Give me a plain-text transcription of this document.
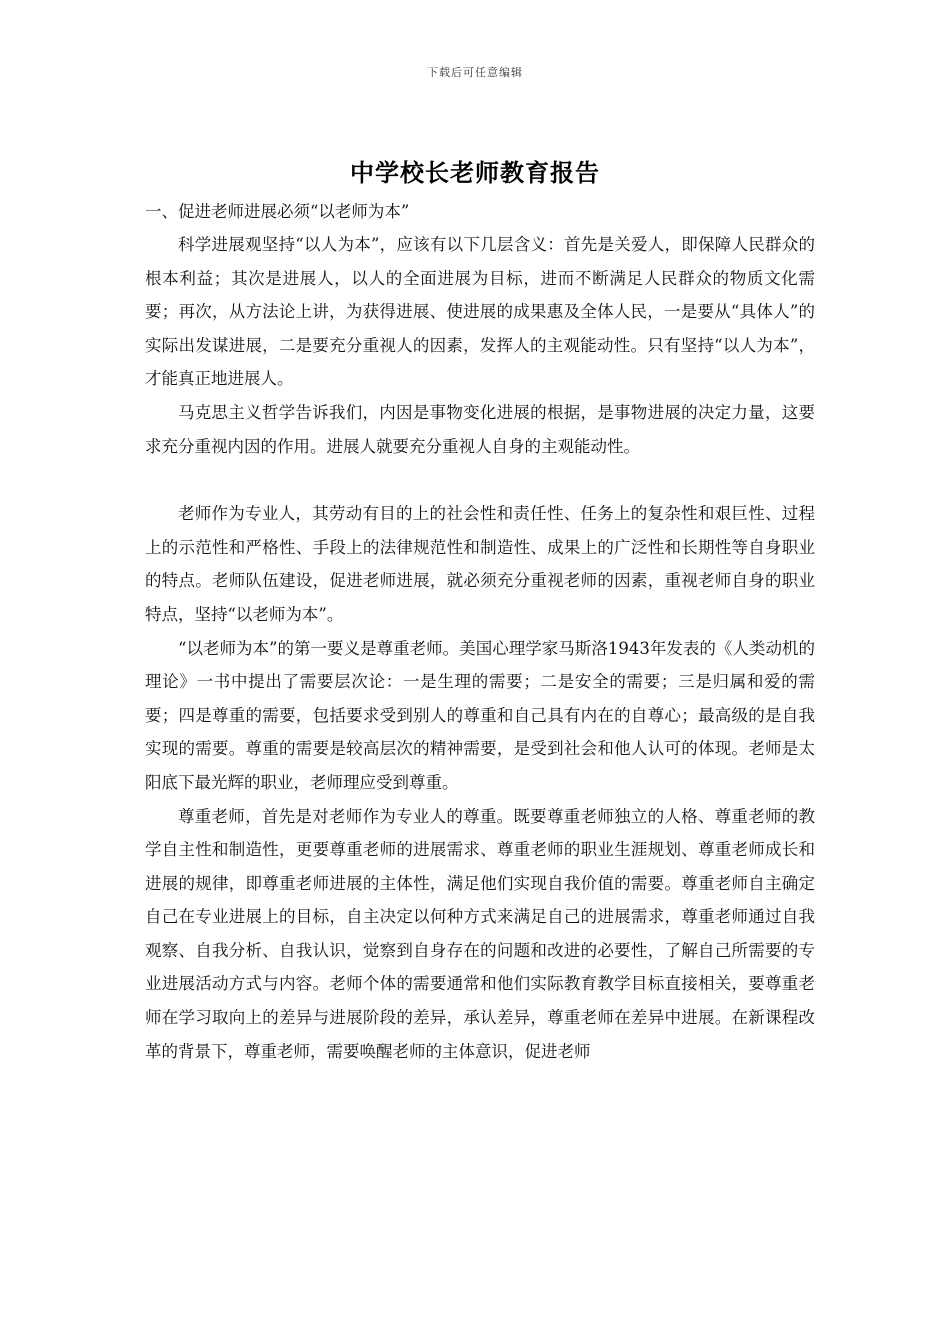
下载后可任意编辑
中学校长老师教育报告

一、促进老师进展必须“以老师为本”

科学进展观坚持“以人为本”，应该有以下几层含义：首先是关爱人，即保障人民群众的根本利益；其次是进展人，以人的全面进展为目标，进而不断满足人民群众的物质文化需要；再次，从方法论上讲，为获得进展、使进展的成果惠及全体人民，一是要从“具体人”的实际出发谋进展，二是要充分重视人的因素，发挥人的主观能动性。只有坚持“以人为本”，才能真正地进展人。

马克思主义哲学告诉我们，内因是事物变化进展的根据，是事物进展的决定力量，这要求充分重视内因的作用。进展人就要充分重视人自身的主观能动性。

老师作为专业人，其劳动有目的上的社会性和责任性、任务上的复杂性和艰巨性、过程上的示范性和严格性、手段上的法律规范性和制造性、成果上的广泛性和长期性等自身职业的特点。老师队伍建设，促进老师进展，就必须充分重视老师的因素，重视老师自身的职业特点，坚持“以老师为本”。

“以老师为本”的第一要义是尊重老师。美国心理学家马斯洛1943年发表的《人类动机的理论》一书中提出了需要层次论：一是生理的需要；二是安全的需要；三是归属和爱的需要；四是尊重的需要，包括要求受到别人的尊重和自己具有内在的自尊心；最高级的是自我实现的需要。尊重的需要是较高层次的精神需要，是受到社会和他人认可的体现。老师是太阳底下最光辉的职业，老师理应受到尊重。

尊重老师，首先是对老师作为专业人的尊重。既要尊重老师独立的人格、尊重老师的教学自主性和制造性，更要尊重老师的进展需求、尊重老师的职业生涯规划、尊重老师成长和进展的规律，即尊重老师进展的主体性，满足他们实现自我价值的需要。尊重老师自主确定自己在专业进展上的目标，自主决定以何种方式来满足自己的进展需求，尊重老师通过自我观察、自我分析、自我认识，觉察到自身存在的问题和改进的必要性，了解自己所需要的专业进展活动方式与内容。老师个体的需要通常和他们实际教育教学目标直接相关，要尊重老师在学习取向上的差异与进展阶段的差异，承认差异，尊重老师在差异中进展。在新课程改革的背景下，尊重老师，需要唤醒老师的主体意识，促进老师
